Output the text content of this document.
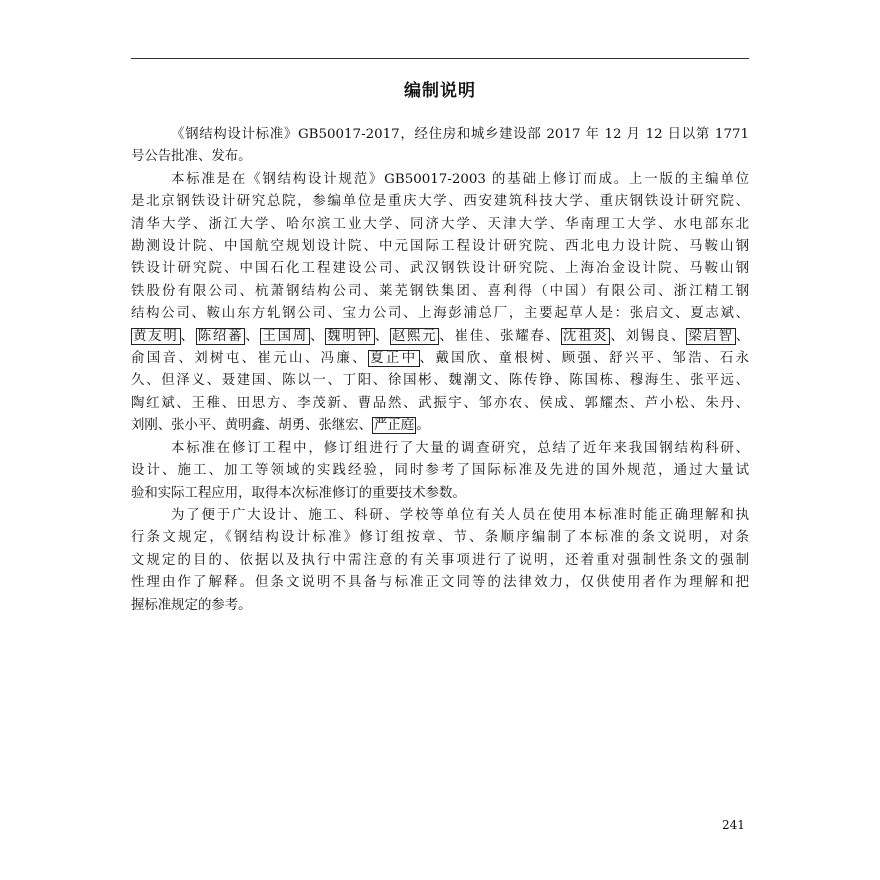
编制说明
《钢结构设计标准》GB50017-2017，经住房和城乡建设部 2017 年 12 月 12 日以第 1771
号公告批准、发布。
本标准是在《钢结构设计规范》GB50017-2003 的基础上修订而成。上一版的主编单位
是北京钢铁设计研究总院，参编单位是重庆大学、西安建筑科技大学、重庆钢铁设计研究院、
清华大学、浙江大学、哈尔滨工业大学、同济大学、天津大学、华南理工大学、水电部东北
勘测设计院、中国航空规划设计院、中元国际工程设计研究院、西北电力设计院、马鞍山钢
铁设计研究院、中国石化工程建设公司、武汉钢铁设计研究院、上海冶金设计院、马鞍山钢
铁股份有限公司、杭萧钢结构公司、莱芜钢铁集团、喜利得（中国）有限公司、浙江精工钢
结构公司、鞍山东方轧钢公司、宝力公司、上海彭浦总厂，主要起草人是：张启文、夏志斌、
黄友明 、 陈绍蕃 、 王国周 、 魏明钟 、 赵熙元 、崔佳、张耀春、 沈祖炎 、刘锡良、 梁启智 、
俞国音、刘树屯、崔元山、冯廉、 夏正中 、戴国欣、童根树、顾强、舒兴平、邹浩、石永
久、但泽义、聂建国、陈以一、丁阳、徐国彬、魏潮文、陈传铮、陈国栋、穆海生、张平远、
陶红斌、王稚、田思方、李茂新、曹品然、武振宇、邹亦农、侯成、郭耀杰、芦小松、朱丹、
刘刚、张小平、黄明鑫、胡勇、张继宏、 严正庭 。
本标准在修订工程中，修订组进行了大量的调查研究，总结了近年来我国钢结构科研、
设计、施工、加工等领域的实践经验，同时参考了国际标准及先进的国外规范，通过大量试
验和实际工程应用，取得本次标准修订的重要技术参数。
为了便于广大设计、施工、科研、学校等单位有关人员在使用本标准时能正确理解和执
行条文规定，《钢结构设计标准》修订组按章、节、条顺序编制了本标准的条文说明，对条
文规定的目的、依据以及执行中需注意的有关事项进行了说明，还着重对强制性条文的强制
性理由作了解释。但条文说明不具备与标准正文同等的法律效力，仅供使用者作为理解和把
握标准规定的参考。
241
